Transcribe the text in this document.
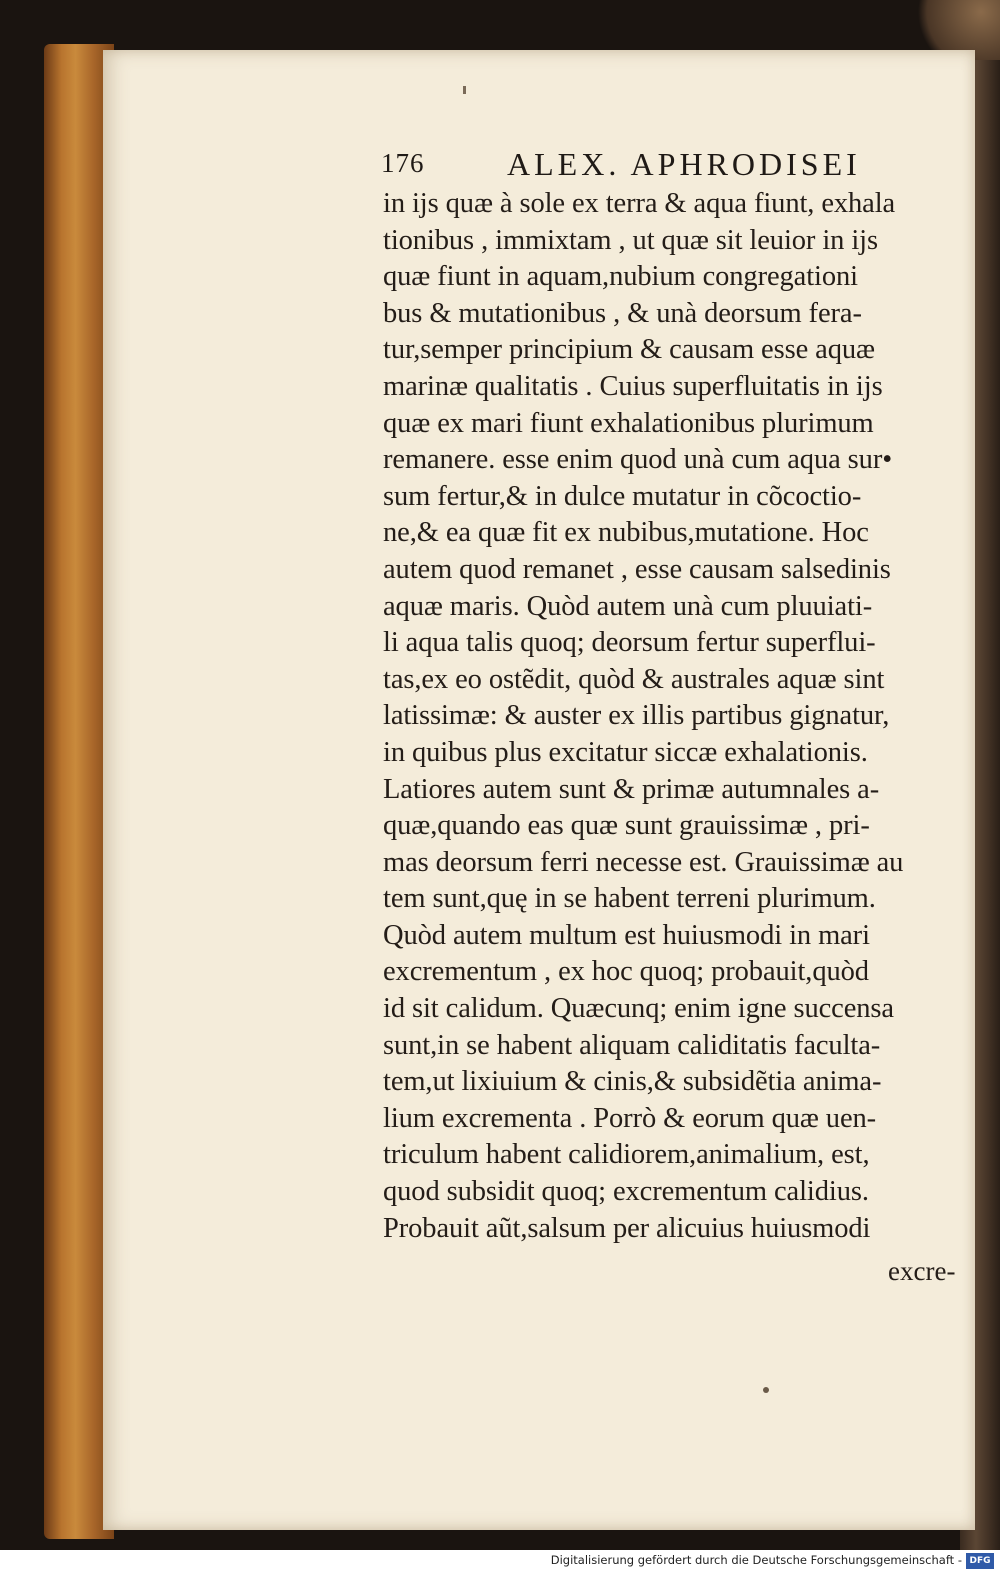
176	ALEX. APHRODISEI
in ijs quæ à sole ex terra & aqua fiunt, exhala
tionibus , immixtam , ut quæ sit leuior in ijs
quæ fiunt in aquam,nubium congregationi
bus & mutationibus , & unà deorsum fera-
tur,semper principium & causam esse aquæ
marinæ qualitatis . Cuius superfluitatis in ijs
quæ ex mari fiunt exhalationibus plurimum
remanere. esse enim quod unà cum aqua sur•
sum fertur,& in dulce mutatur in cõcoctio-
ne,& ea quæ fit ex nubibus,mutatione. Hoc
autem quod remanet , esse causam salsedinis
aquæ maris. Quòd autem unà cum pluuiati-
li aqua talis quoq; deorsum fertur superflui-
tas,ex eo ostẽdit, quòd & australes aquæ sint
latissimæ: & auster ex illis partibus gignatur,
in quibus plus excitatur siccæ exhalationis.
Latiores autem sunt & primæ autumnales a-
quæ,quando eas quæ sunt grauissimæ , pri-
mas deorsum ferri necesse est. Grauissimæ au
tem sunt,quę in se habent terreni plurimum.
Quòd autem multum est huiusmodi in mari
excrementum , ex hoc quoq; probauit,quòd
id sit calidum. Quæcunq; enim igne succensa
sunt,in se habent aliquam caliditatis faculta-
tem,ut lixiuium & cinis,& subsidẽtia anima-
lium excrementa . Porrò & eorum quæ uen-
triculum habent calidiorem,animalium, est,
quod subsidit quoq; excrementum calidius.
Probauit aũt,salsum per alicuius huiusmodi
excre-
Digitalisierung gefördert durch die Deutsche Forschungsgemeinschaft - DFG
